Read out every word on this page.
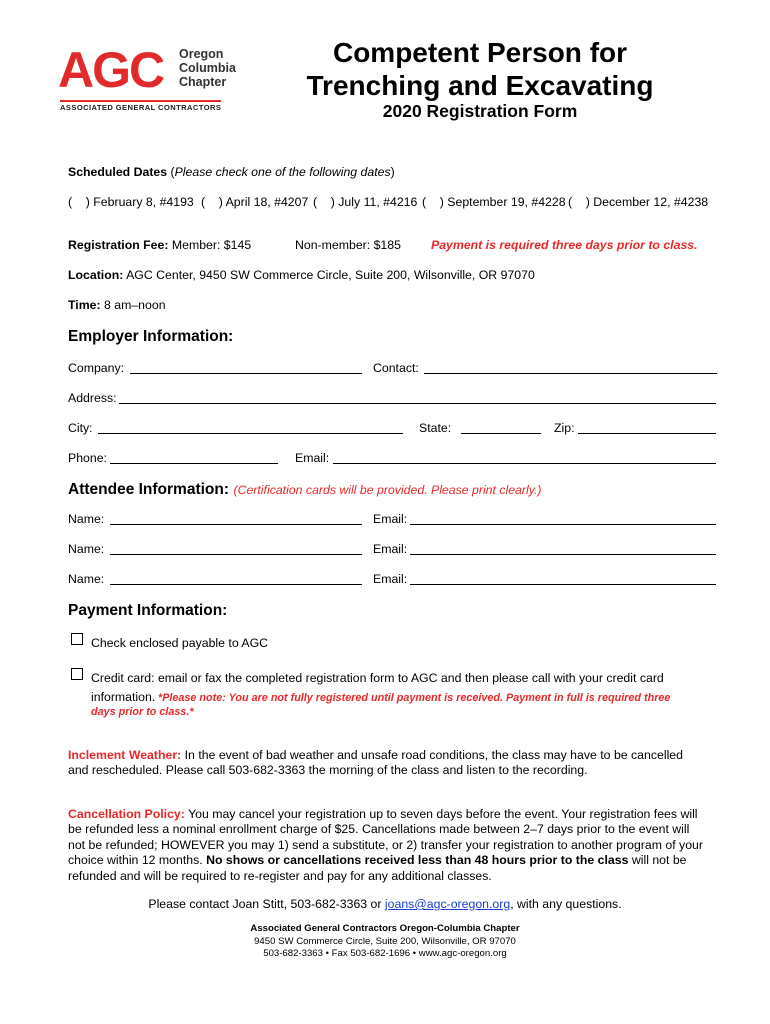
AGC Oregon
Columbia
Chapter
ASSOCIATED GENERAL CONTRACTORS
Competent Person for
Trenching and Excavating
2020 Registration Form
Scheduled Dates (Please check one of the following dates)
(    ) February 8, #4193 (    ) April 18, #4207 (    ) July 11, #4216 (    ) September 19, #4228 (    ) December 12, #4238
Registration Fee: Member: $145	Non-member: $185 Payment is required three days prior to class.
Location: AGC Center, 9450 SW Commerce Circle, Suite 200, Wilsonville, OR 97070
Time: 8 am–noon
Employer Information:
Company:	Contact:
Address:
City:	State:	Zip:
Phone:	Email:
Attendee Information: (Certification cards will be provided. Please print clearly.)
Name:	Email:
Name:	Email:
Name:	Email:
Payment Information:
Check enclosed payable to AGC
Credit card: email or fax the completed registration form to AGC and then please call with your credit card
information. *Please note: You are not fully registered until payment is received. Payment in full is required three
days prior to class.*
Inclement Weather: In the event of bad weather and unsafe road conditions, the class may have to be cancelled
and rescheduled. Please call 503-682-3363 the morning of the class and listen to the recording.
Cancellation Policy: You may cancel your registration up to seven days before the event. Your registration fees will
be refunded less a nominal enrollment charge of $25. Cancellations made between 2–7 days prior to the event will
not be refunded; HOWEVER you may 1) send a substitute, or 2) transfer your registration to another program of your
choice within 12 months. No shows or cancellations received less than 48 hours prior to the class will not be
refunded and will be required to re-register and pay for any additional classes.
Please contact Joan Stitt, 503-682-3363 or joans@agc-oregon.org, with any questions.
Associated General Contractors Oregon-Columbia Chapter
9450 SW Commerce Circle, Suite 200, Wilsonville, OR 97070
503-682-3363 • Fax 503-682-1696 • www.agc-oregon.org
